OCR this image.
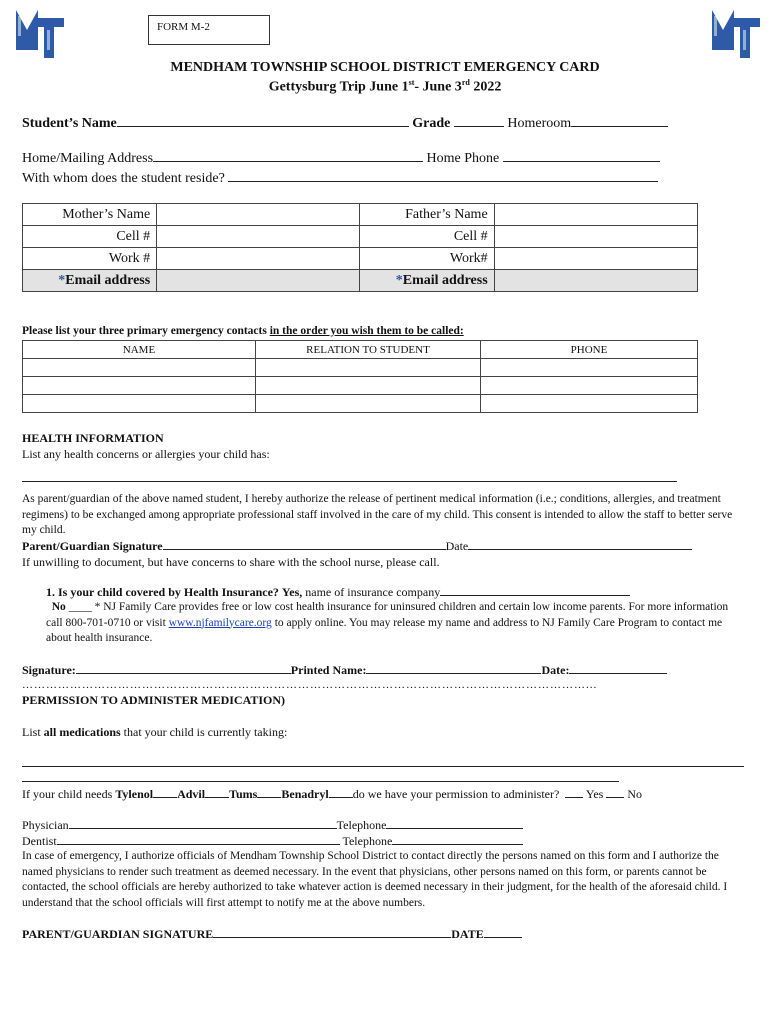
FORM M-2
MENDHAM TOWNSHIP SCHOOL DISTRICT EMERGENCY CARD
Gettysburg Trip June 1st- June 3rd 2022
Student’s Name	Grade	Homeroom
Home/Mailing Address	Home Phone
With whom does the student reside?
Mother’s Name		Father’s Name	
Cell #		Cell #	
Work #		Work#	
*Email address		*Email address	
Please list your three primary emergency contacts in the order you wish them to be called:
NAME	RELATION TO STUDENT	PHONE

HEALTH INFORMATION
List any health concerns or allergies your child has:
As parent/guardian of the above named student, I hereby authorize the release of pertinent medical information (i.e.; conditions, allergies, and treatment regimens) to be exchanged among appropriate professional staff involved in the care of my child. This consent is intended to allow the staff to better serve my child.
Parent/Guardian Signature	Date
If unwilling to document, but have concerns to share with the school nurse, please call.
1. Is your child covered by Health Insurance? Yes, name of insurance company
No ____ * NJ Family Care provides free or low cost health insurance for uninsured children and certain low income parents. For more information call 800-701-0710 or visit www.njfamilycare.org to apply online. You may release my name and address to NJ Family Care Program to contact me about health insurance.
Signature:	Printed Name:	Date:
……………………………………………………………………………………………………………………………...
PERMISSION TO ADMINISTER MEDICATION)
List all medications that your child is currently taking:
If your child needs Tylenol Advil Tums Benadryl do we have your permission to administer? Yes No
Physician	Telephone
Dentist	Telephone
In case of emergency, I authorize officials of Mendham Township School District to contact directly the persons named on this form and I authorize the named physicians to render such treatment as deemed necessary. In the event that physicians, other persons named on this form, or parents cannot be contacted, the school officials are hereby authorized to take whatever action is deemed necessary in their judgment, for the health of the aforesaid child. I understand that the school officials will first attempt to notify me at the above numbers.
PARENT/GUARDIAN SIGNATURE	DATE
